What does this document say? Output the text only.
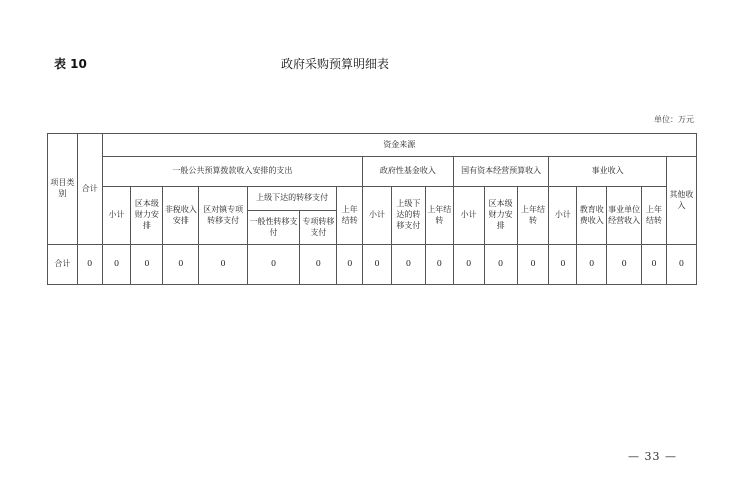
表 10	政府采购预算明细表
单位：万元
项目类别	合计	资金来源																	
		一般公共预算拨款收入安排的支出							政府性基金收入			国有资本经营预算收入			事业收入				其他收入
		小计	区本级财力安排	非税收入安排	区对镇专项转移支付	上级下达的转移支付		上年结转	小计	上级下达的转移支付	上年结转	小计	区本级财力安排	上年结转	小计	教育收费收入	事业单位经营收入	上年结转	
						一般性转移支付	专项转移支付												
合计	0	0	0	0	0	0	0	0	0	0	0	0	0	0	0	0	0	0	0
— 33 —
